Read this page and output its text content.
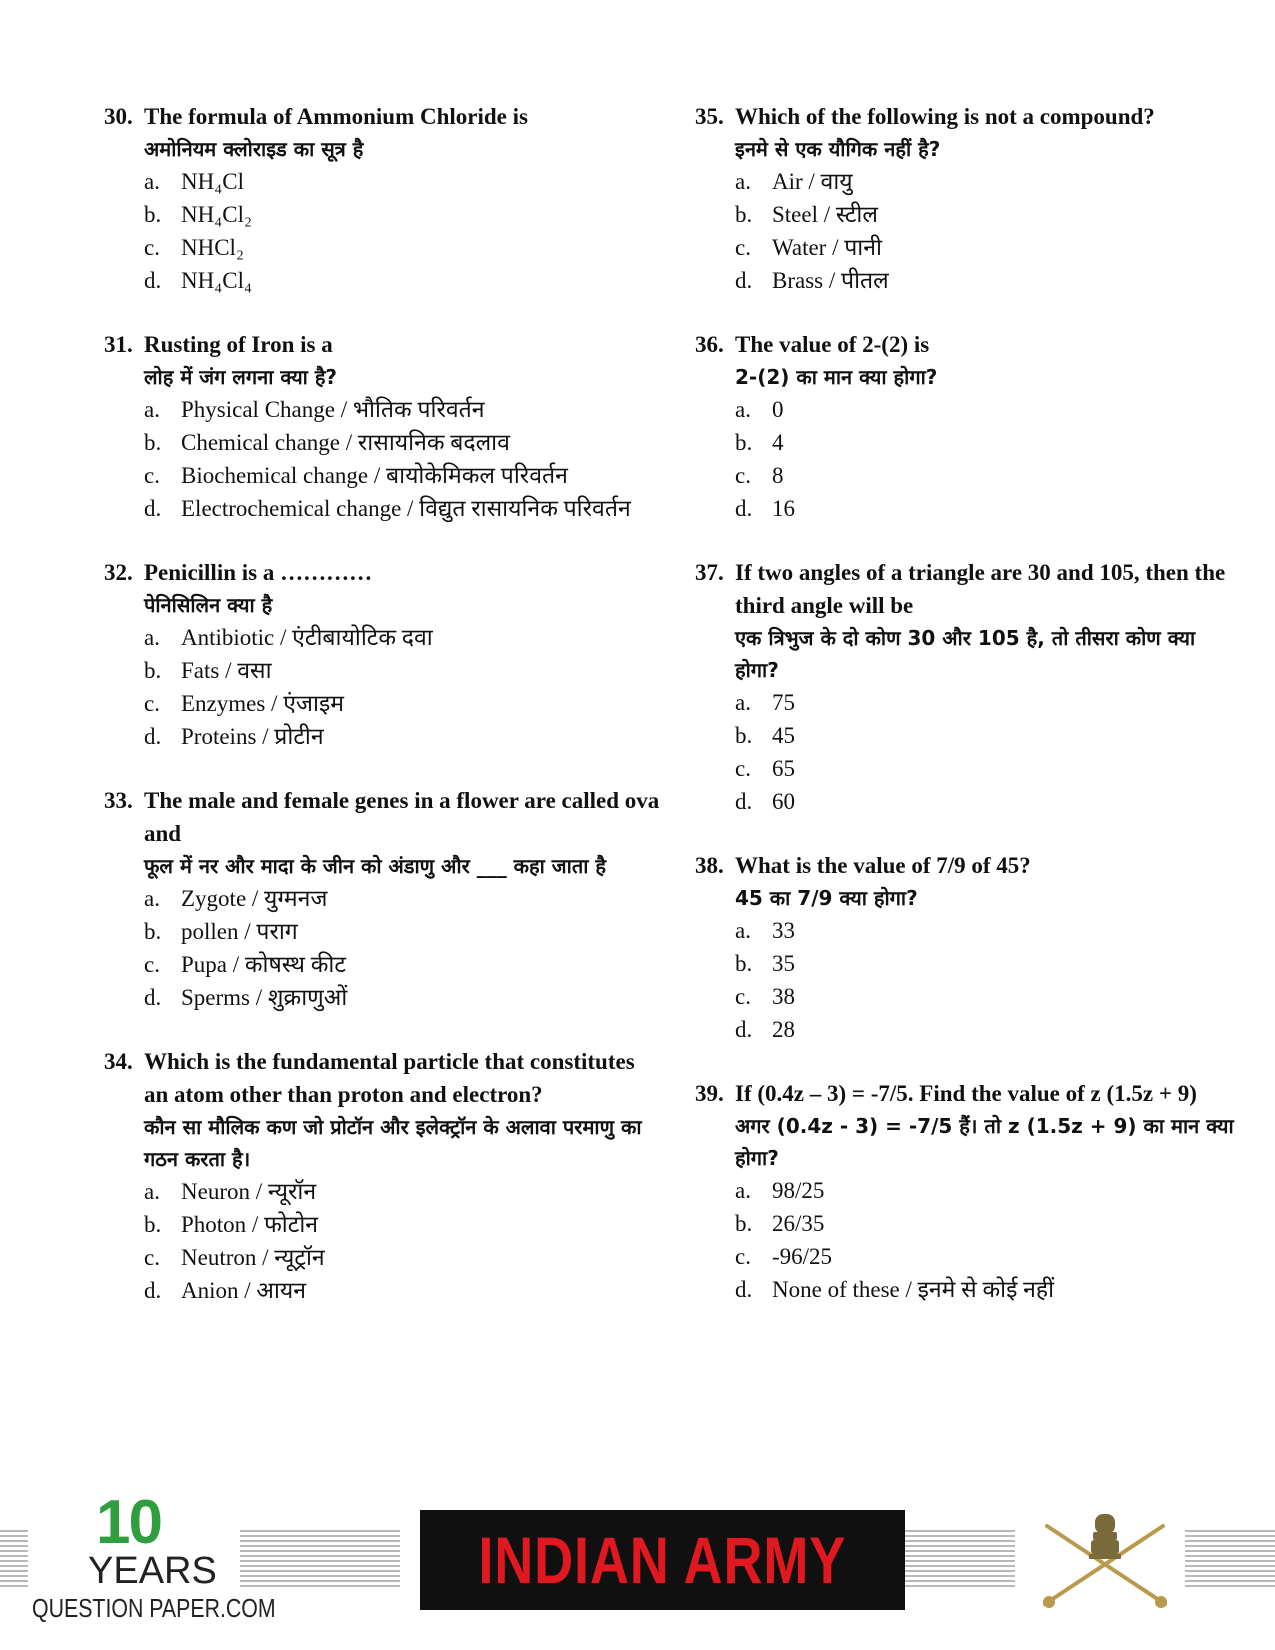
30. The formula of Ammonium Chloride is
अमोनियम क्लोराइड का सूत्र है
a. NH₄Cl
b. NH₄Cl₂
c. NHCl₂
d. NH₄Cl₄
31. Rusting of Iron is a
लोह में जंग लगना क्या है?
a. Physical Change / भौतिक परिवर्तन
b. Chemical change / रासायनिक बदलाव
c. Biochemical change / बायोकेमिकल परिवर्तन
d. Electrochemical change / विद्युत रासायनिक परिवर्तन
32. Penicillin is a …………
पेनिसिलिन क्या है
a. Antibiotic / एंटीबायोटिक दवा
b. Fats / वसा
c. Enzymes / एंजाइम
d. Proteins / प्रोटीन
33. The male and female genes in a flower are called ova and
फूल में नर और मादा के जीन को अंडाणु और ___ कहा जाता है
a. Zygote / युग्मनज
b. pollen / पराग
c. Pupa / कोषस्थ कीट
d. Sperms / शुक्राणुओं
34. Which is the fundamental particle that constitutes an atom other than proton and electron?
कौन सा मौलिक कण जो प्रोटॉन और इलेक्ट्रॉन के अलावा परमाणु का गठन करता है।
a. Neuron / न्यूरॉन
b. Photon / फोटोन
c. Neutron / न्यूट्रॉन
d. Anion / आयन
35. Which of the following is not a compound?
इनमे से एक यौगिक नहीं है?
a. Air / वायु
b. Steel / स्टील
c. Water / पानी
d. Brass / पीतल
36. The value of 2-(2) is
2-(2) का मान क्या होगा?
a. 0
b. 4
c. 8
d. 16
37. If two angles of a triangle are 30 and 105, then the third angle will be
एक त्रिभुज के दो कोण 30 और 105 है, तो तीसरा कोण क्या होगा?
a. 75
b. 45
c. 65
d. 60
38. What is the value of 7/9 of 45?
45 का 7/9 क्या होगा?
a. 33
b. 35
c. 38
d. 28
39. If (0.4z – 3) = -7/5. Find the value of z (1.5z + 9)
अगर (0.4z - 3) = -7/5 हैं। तो z (1.5z + 9) का मान क्या होगा?
a. 98/25
b. 26/35
c. -96/25
d. None of these / इनमे से कोई नहीं
10
YEARS
QUESTION PAPER.COM
INDIAN ARMY
